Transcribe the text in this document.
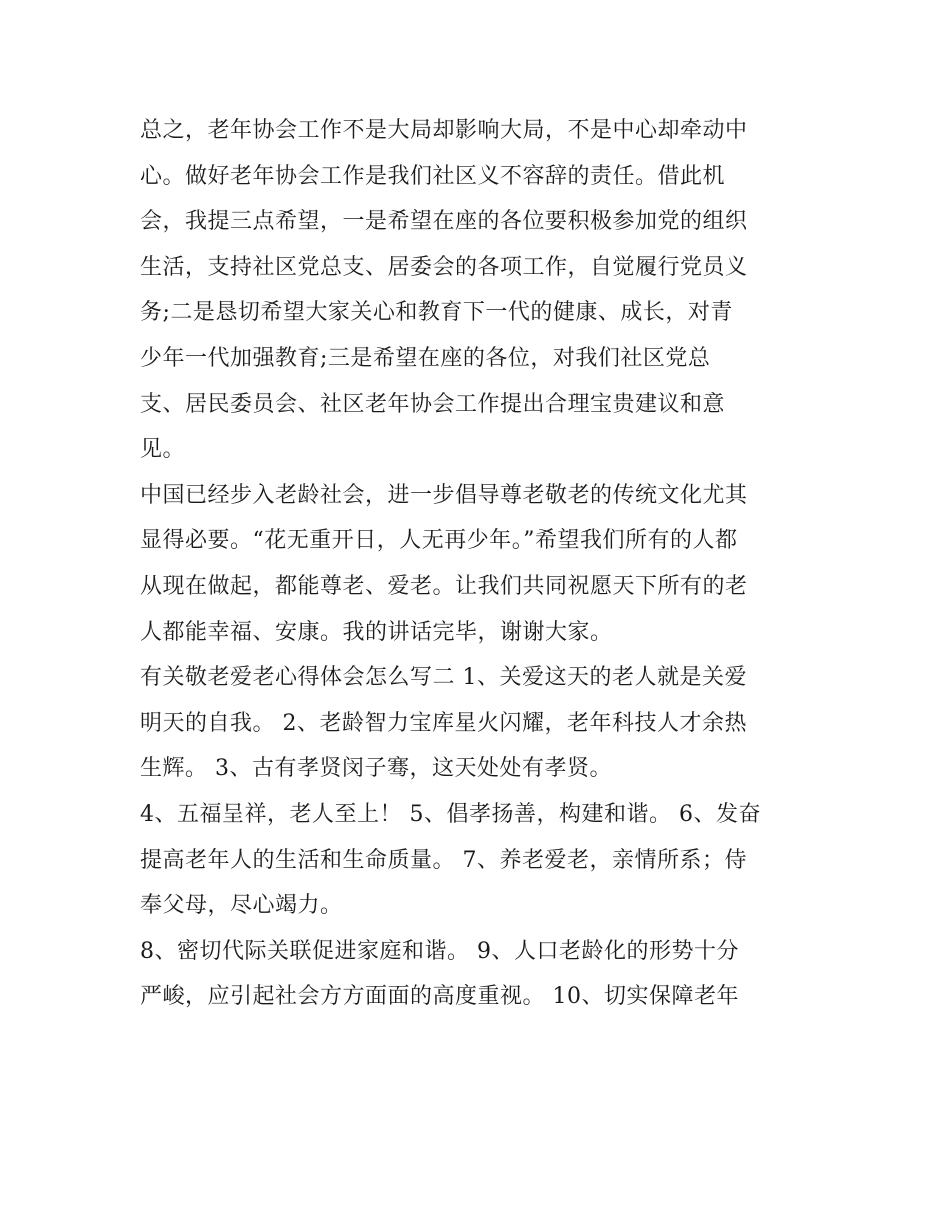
总之，老年协会工作不是大局却影响大局，不是中心却牵动中
心。做好老年协会工作是我们社区义不容辞的责任。借此机
会，我提三点希望，一是希望在座的各位要积极参加党的组织
生活，支持社区党总支、居委会的各项工作，自觉履行党员义
务;二是恳切希望大家关心和教育下一代的健康、成长，对青
少年一代加强教育;三是希望在座的各位，对我们社区党总
支、居民委员会、社区老年协会工作提出合理宝贵建议和意
见。
中国已经步入老龄社会，进一步倡导尊老敬老的传统文化尤其
显得必要。“花无重开日，人无再少年。”希望我们所有的人都
从现在做起，都能尊老、爱老。让我们共同祝愿天下所有的老
人都能幸福、安康。我的讲话完毕，谢谢大家。
有关敬老爱老心得体会怎么写二 1、关爱这天的老人就是关爱
明天的自我。 2、老龄智力宝库星火闪耀，老年科技人才余热
生辉。 3、古有孝贤闵子骞，这天处处有孝贤。
4、五福呈祥，老人至上！ 5、倡孝扬善，构建和谐。 6、发奋
提高老年人的生活和生命质量。 7、养老爱老，亲情所系；侍
奉父母，尽心竭力。
8、密切代际关联促进家庭和谐。 9、人口老龄化的形势十分
严峻，应引起社会方方面面的高度重视。 10、切实保障老年
